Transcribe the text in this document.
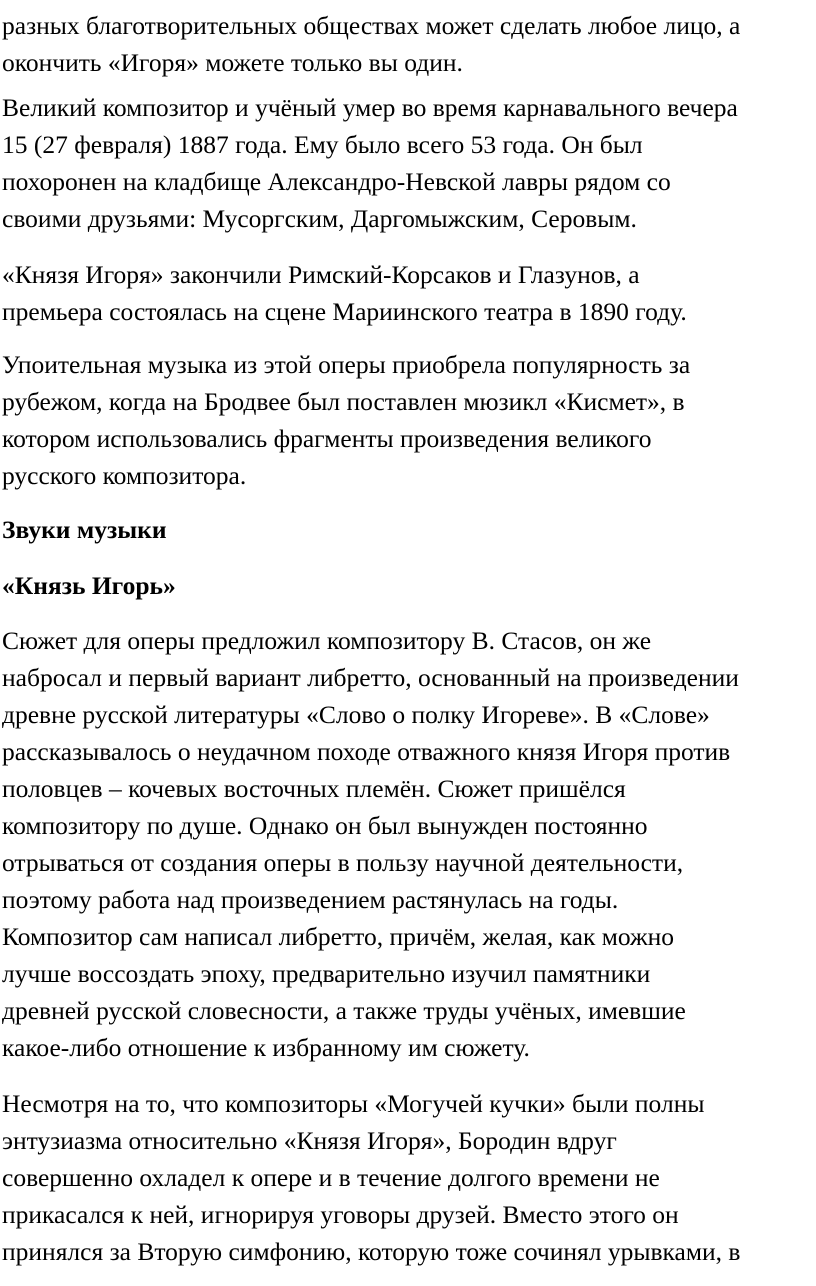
разных благотворительных обществах может сделать любое лицо, а
окончить «Игоря» можете только вы один.
Великий композитор и учёный умер во время карнавального вечера
15 (27 февраля) 1887 года. Ему было всего 53 года. Он был
похоронен на кладбище Александро-Невской лавры рядом со
своими друзьями: Мусоргским, Даргомыжским, Серовым.
«Князя Игоря» закончили Римский-Корсаков и Глазунов, а
премьера состоялась на сцене Мариинского театра в 1890 году.
Упоительная музыка из этой оперы приобрела популярность за
рубежом, когда на Бродвее был поставлен мюзикл «Кисмет», в
котором использовались фрагменты произведения великого
русского композитора.
Звуки музыки
«Князь Игорь»
Сюжет для оперы предложил композитору В. Стасов, он же
набросал и первый вариант либретто, основанный на произведении
древне русской литературы «Слово о полку Игореве». В «Слове»
рассказывалось о неудачном походе отважного князя Игоря против
половцев – кочевых восточных племён. Сюжет пришёлся
композитору по душе. Однако он был вынужден постоянно
отрываться от создания оперы в пользу научной деятельности,
поэтому работа над произведением растянулась на годы.
Композитор сам написал либретто, причём, желая, как можно
лучше воссоздать эпоху, предварительно изучил памятники
древней русской словесности, а также труды учёных, имевшие
какое-либо отношение к избранному им сюжету.
Несмотря на то, что композиторы «Могучей кучки» были полны
энтузиазма относительно «Князя Игоря», Бородин вдруг
совершенно охладел к опере и в течение долгого времени не
прикасался к ней, игнорируя уговоры друзей. Вместо этого он
принялся за Вторую симфонию, которую тоже сочинял урывками, в
